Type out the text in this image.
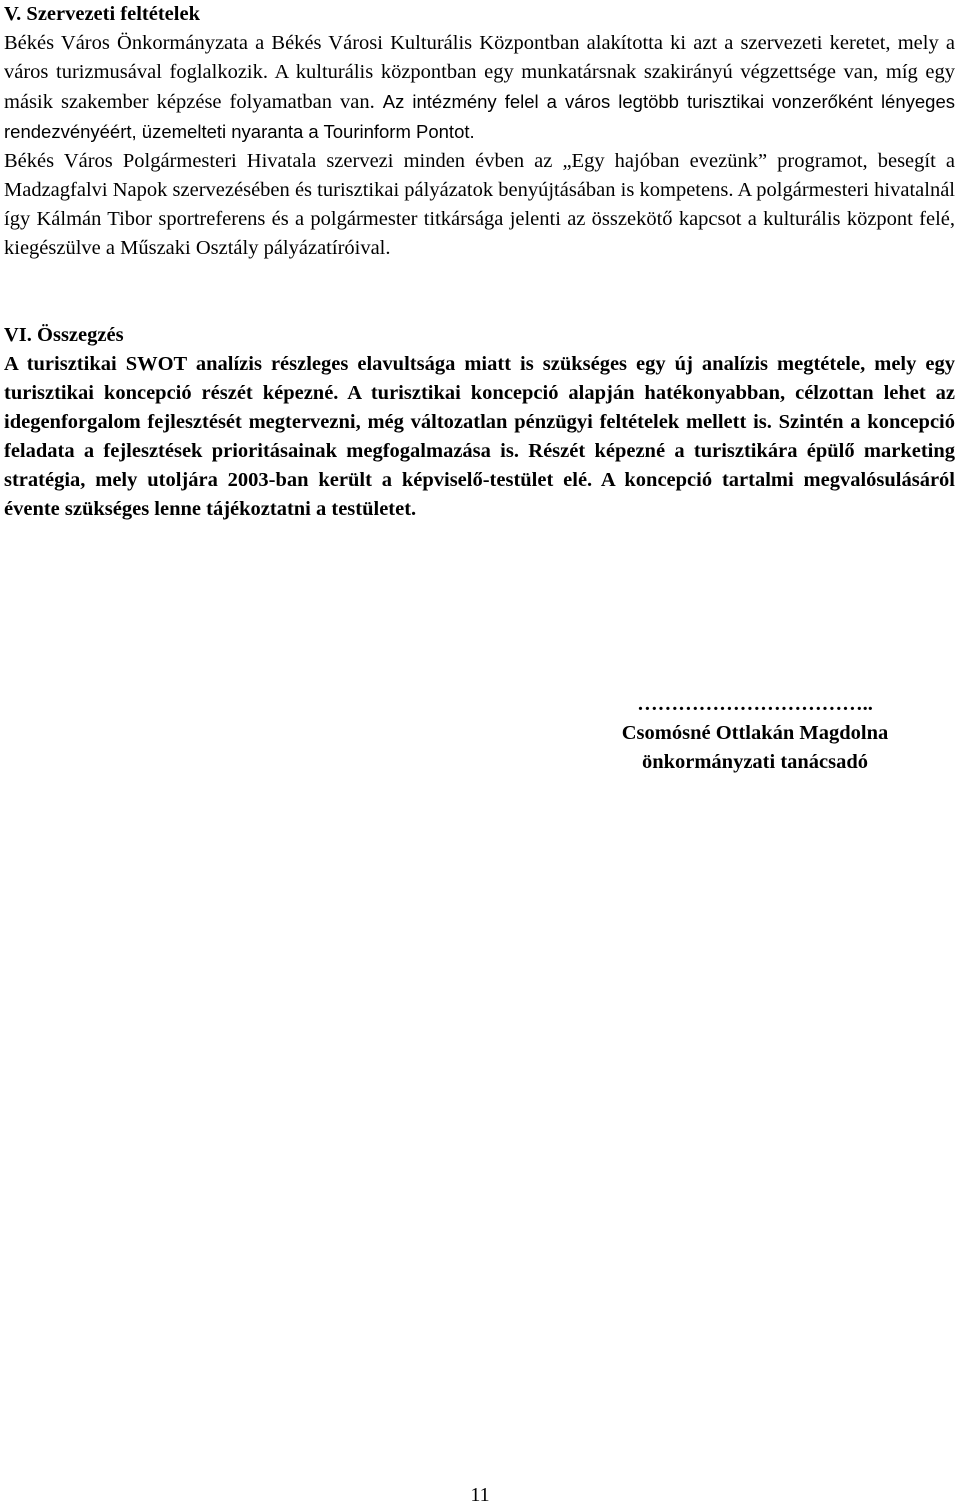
V. Szervezeti feltételek

Békés Város Önkormányzata a Békés Városi Kulturális Központban alakította ki azt a szervezeti keretet, mely a város turizmusával foglalkozik. A kulturális központban egy munkatársnak szakirányú végzettsége van, míg egy másik szakember képzése folyamatban van. Az intézmény felel a város legtöbb turisztikai vonzerőként lényeges rendezvényéért, üzemelteti nyaranta a Tourinform Pontot.

Békés Város Polgármesteri Hivatala szervezi minden évben az „Egy hajóban evezünk” programot, besegít a Madzagfalvi Napok szervezésében és turisztikai pályázatok benyújtásában is kompetens. A polgármesteri hivatalnál így Kálmán Tibor sportreferens és a polgármester titkársága jelenti az összekötő kapcsot a kulturális központ felé, kiegészülve a Műszaki Osztály pályázatíróival.

VI. Összegzés

A turisztikai SWOT analízis részleges elavultsága miatt is szükséges egy új analízis megtétele, mely egy turisztikai koncepció részét képezné. A turisztikai koncepció alapján hatékonyabban, célzottan lehet az idegenforgalom fejlesztését megtervezni, még változatlan pénzügyi feltételek mellett is. Szintén a koncepció feladata a fejlesztések prioritásainak megfogalmazása is. Részét képezné a turisztikára épülő marketing stratégia, mely utoljára 2003-ban került a képviselő-testület elé. A koncepció tartalmi megvalósulásáról évente szükséges lenne tájékoztatni a testületet.

……………………………..
Csomósné Ottlakán Magdolna
önkormányzati tanácsadó
11
